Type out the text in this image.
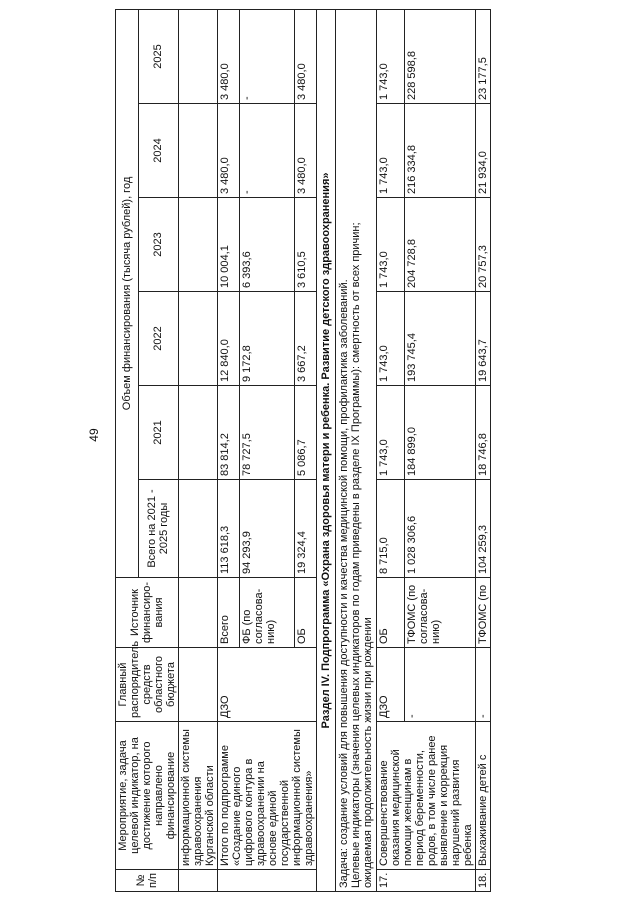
49
№ п/п	Мероприятие, задача целевой индикатор, на достижение которого направлено финансирование	Главный распорядитель средств областного бюджета	Источник финансиро-вания	Объем финансирования (тысяча рублей), год					
				Всего на 2021 - 2025 годы	2021	2022	2023	2024	2025
	информационной системы здравоохранения Курганской области								
	Итого по подпрограмме «Создание единого цифрового контура в здравоохранении на основе единой государственной информационной системы здравоохранения»	ДЗО	Всего	113 618,3	83 814,2	12 840,0	10 004,1	3 480,0	3 480,0
			ФБ (по согласова-нию)	94 293,9	78 727,5	9 172,8	6 393,6	-	-
			ОБ	19 324,4	5 086,7	3 667,2	3 610,5	3 480,0	3 480,0
Раздел IV. Подпрограмма «Охрана здоровья матери и ребенка. Развитие детского здравоохранения»									

Задача: создание условий для повышения доступности и качества медицинской помощи, профилактика заболеваний. Целевые индикаторы (значения целевых индикаторов по годам приведены в разделе IX Программы): смертность от всех причин; ожидаемая продолжительность жизни при рождении									

17.	Совершенствование оказания медицинской помощи женщинам в период беременности, родов, в том числе ранее выявление и коррекция нарушений развития ребенка	ДЗО	ОБ	8 715,0	1 743,0	1 743,0	1 743,0	1 743,0	1 743,0
		-	ТФОМС (по согласова-нию)	1 028 306,6	184 899,0	193 745,4	204 728,8	216 334,8	228 598,8
18.	Выхаживание детей с	-	ТФОМС (по	104 259,3	18 746,8	19 643,7	20 757,3	21 934,0	23 177,5
